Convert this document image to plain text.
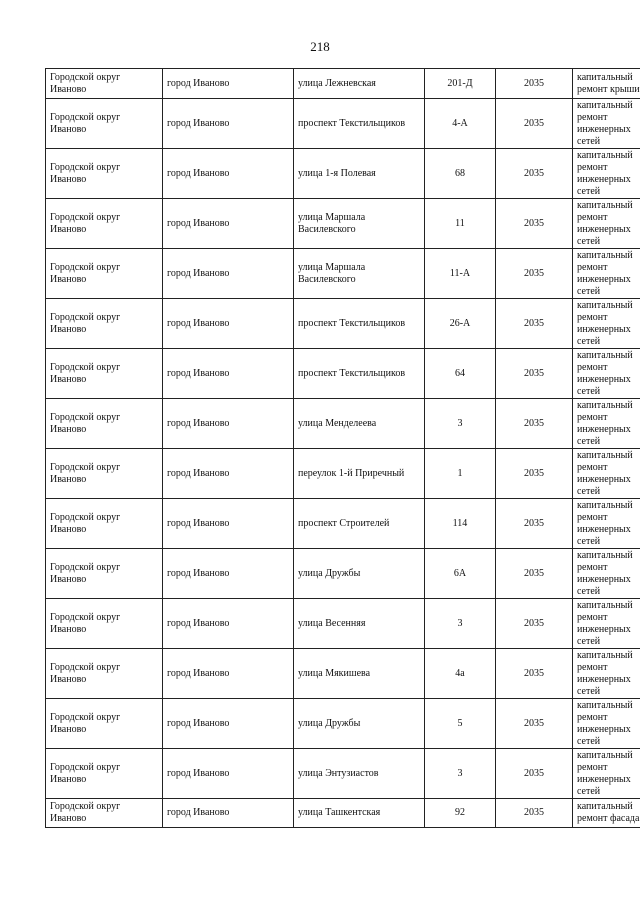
218
Городской округ Иваново	город Иваново	улица Лежневская	201-Д	2035	капитальный ремонт крыши
Городской округ Иваново	город Иваново	проспект Текстильщиков	4-А	2035	капитальный ремонт инженерных сетей
Городской округ Иваново	город Иваново	улица 1-я Полевая	68	2035	капитальный ремонт инженерных сетей
Городской округ Иваново	город Иваново	улица Маршала Василевского	11	2035	капитальный ремонт инженерных сетей
Городской округ Иваново	город Иваново	улица Маршала Василевского	11-А	2035	капитальный ремонт инженерных сетей
Городской округ Иваново	город Иваново	проспект Текстильщиков	26-А	2035	капитальный ремонт инженерных сетей
Городской округ Иваново	город Иваново	проспект Текстильщиков	64	2035	капитальный ремонт инженерных сетей
Городской округ Иваново	город Иваново	улица Менделеева	3	2035	капитальный ремонт инженерных сетей
Городской округ Иваново	город Иваново	переулок 1-й Приречный	1	2035	капитальный ремонт инженерных сетей
Городской округ Иваново	город Иваново	проспект Строителей	114	2035	капитальный ремонт инженерных сетей
Городской округ Иваново	город Иваново	улица Дружбы	6А	2035	капитальный ремонт инженерных сетей
Городской округ Иваново	город Иваново	улица Весенняя	3	2035	капитальный ремонт инженерных сетей
Городской округ Иваново	город Иваново	улица Мякишева	4а	2035	капитальный ремонт инженерных сетей
Городской округ Иваново	город Иваново	улица Дружбы	5	2035	капитальный ремонт инженерных сетей
Городской округ Иваново	город Иваново	улица Энтузиастов	3	2035	капитальный ремонт инженерных сетей
Городской округ Иваново	город Иваново	улица Ташкентская	92	2035	капитальный ремонт фасада
